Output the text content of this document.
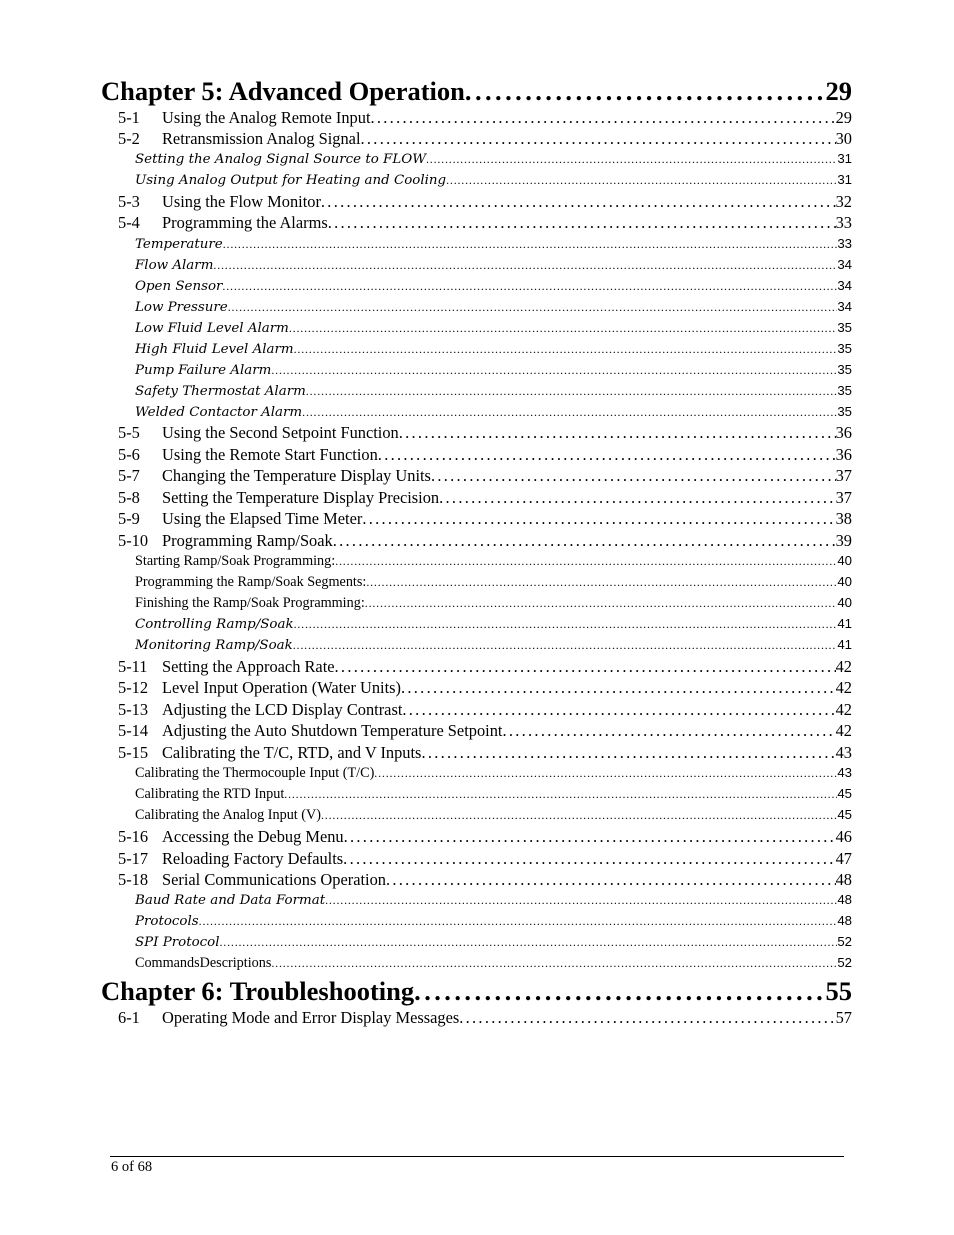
Chapter 5: Advanced Operation . . .	29
5-1	Using the Analog Remote Input . . .	29
5-2	Retransmission Analog Signal . . .	30
Setting the Analog Signal Source to FLOW . . .	31
Using Analog Output for Heating and Cooling . . .	31
5-3	Using the Flow Monitor . . .	32
5-4	Programming the Alarms . . .	33
Temperature . . .	33
Flow Alarm . . .	34
Open Sensor . . .	34
Low Pressure . . .	34
Low Fluid Level Alarm . . .	35
High Fluid Level Alarm . . .	35
Pump Failure Alarm . . .	35
Safety Thermostat Alarm . . .	35
Welded Contactor Alarm . . .	35
5-5	Using the Second Setpoint Function . . .	36
5-6	Using the Remote Start Function . . .	36
5-7	Changing the Temperature Display Units . . .	37
5-8	Setting the Temperature Display Precision . . .	37
5-9	Using the Elapsed Time Meter . . .	38
5-10 Programming Ramp/Soak . . .	39
Starting Ramp/Soak Programming: . . .	40
Programming the Ramp/Soak Segments: . . .	40
Finishing the Ramp/Soak Programming: . . .	40
Controlling Ramp/Soak . . .	41
Monitoring Ramp/Soak . . .	41
5-11 Setting the Approach Rate . . .	42
5-12 Level Input Operation (Water Units) . . .	42
5-13 Adjusting the LCD Display Contrast . . .	42
5-14 Adjusting the Auto Shutdown Temperature Setpoint . . .	42
5-15 Calibrating the T/C, RTD, and V Inputs . . .	43
Calibrating the Thermocouple Input (T/C) . . .	43
Calibrating the RTD Input . . .	45
Calibrating the Analog Input (V) . . .	45
5-16 Accessing the Debug Menu . . .	46
5-17 Reloading Factory Defaults . . .	47
5-18 Serial Communications Operation . . .	48
Baud Rate and Data Format . . .	48
Protocols . . .	48
SPI Protocol . . .	52
CommandsDescriptions . . .	52
Chapter 6: Troubleshooting . . .	55
6-1	Operating Mode and Error Display Messages . . .	57
6 of 68
